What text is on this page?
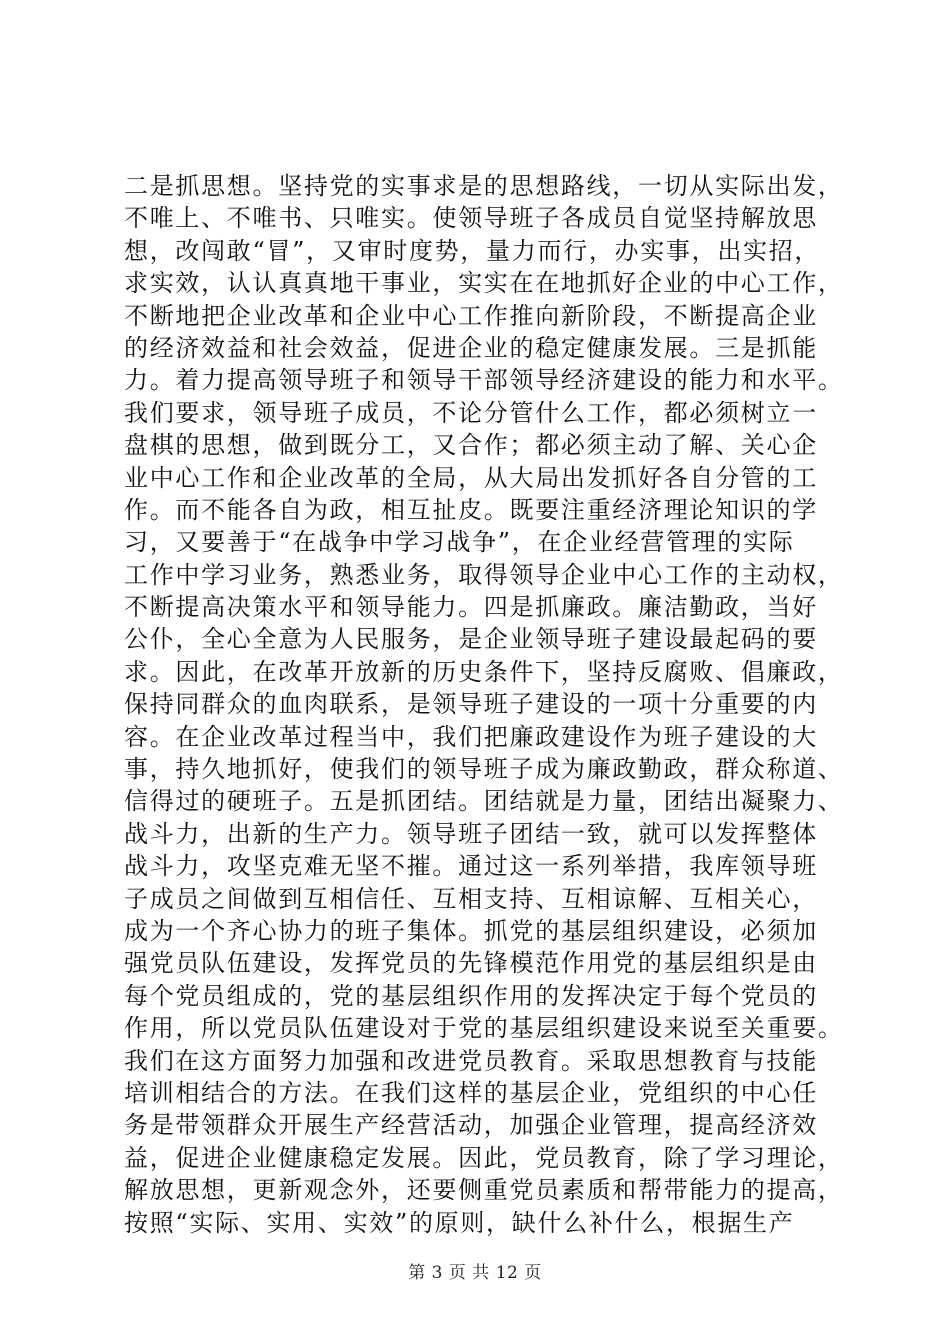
二是抓思想。坚持党的实事求是的思想路线，一切从实际出发，
不唯上、不唯书、只唯实。使领导班子各成员自觉坚持解放思
想，改闯敢“冒”，又审时度势，量力而行，办实事，出实招，
求实效，认认真真地干事业，实实在在地抓好企业的中心工作，
不断地把企业改革和企业中心工作推向新阶段，不断提高企业
的经济效益和社会效益，促进企业的稳定健康发展。三是抓能
力。着力提高领导班子和领导干部领导经济建设的能力和水平。
我们要求，领导班子成员，不论分管什么工作，都必须树立一
盘棋的思想，做到既分工，又合作；都必须主动了解、关心企
业中心工作和企业改革的全局，从大局出发抓好各自分管的工
作。而不能各自为政，相互扯皮。既要注重经济理论知识的学
习，又要善于“在战争中学习战争”，在企业经营管理的实际
工作中学习业务，熟悉业务，取得领导企业中心工作的主动权，
不断提高决策水平和领导能力。四是抓廉政。廉洁勤政，当好
公仆，全心全意为人民服务，是企业领导班子建设最起码的要
求。因此，在改革开放新的历史条件下，坚持反腐败、倡廉政，
保持同群众的血肉联系，是领导班子建设的一项十分重要的内
容。在企业改革过程当中，我们把廉政建设作为班子建设的大
事，持久地抓好，使我们的领导班子成为廉政勤政，群众称道、
信得过的硬班子。五是抓团结。团结就是力量，团结出凝聚力、
战斗力，出新的生产力。领导班子团结一致，就可以发挥整体
战斗力，攻坚克难无坚不摧。通过这一系列举措，我库领导班
子成员之间做到互相信任、互相支持、互相谅解、互相关心，
成为一个齐心协力的班子集体。抓党的基层组织建设，必须加
强党员队伍建设，发挥党员的先锋模范作用党的基层组织是由
每个党员组成的，党的基层组织作用的发挥决定于每个党员的
作用，所以党员队伍建设对于党的基层组织建设来说至关重要。
我们在这方面努力加强和改进党员教育。采取思想教育与技能
培训相结合的方法。在我们这样的基层企业，党组织的中心任
务是带领群众开展生产经营活动，加强企业管理，提高经济效
益，促进企业健康稳定发展。因此，党员教育，除了学习理论，
解放思想，更新观念外，还要侧重党员素质和帮带能力的提高，
按照“实际、实用、实效”的原则，缺什么补什么，根据生产
第 3 页 共 12 页
